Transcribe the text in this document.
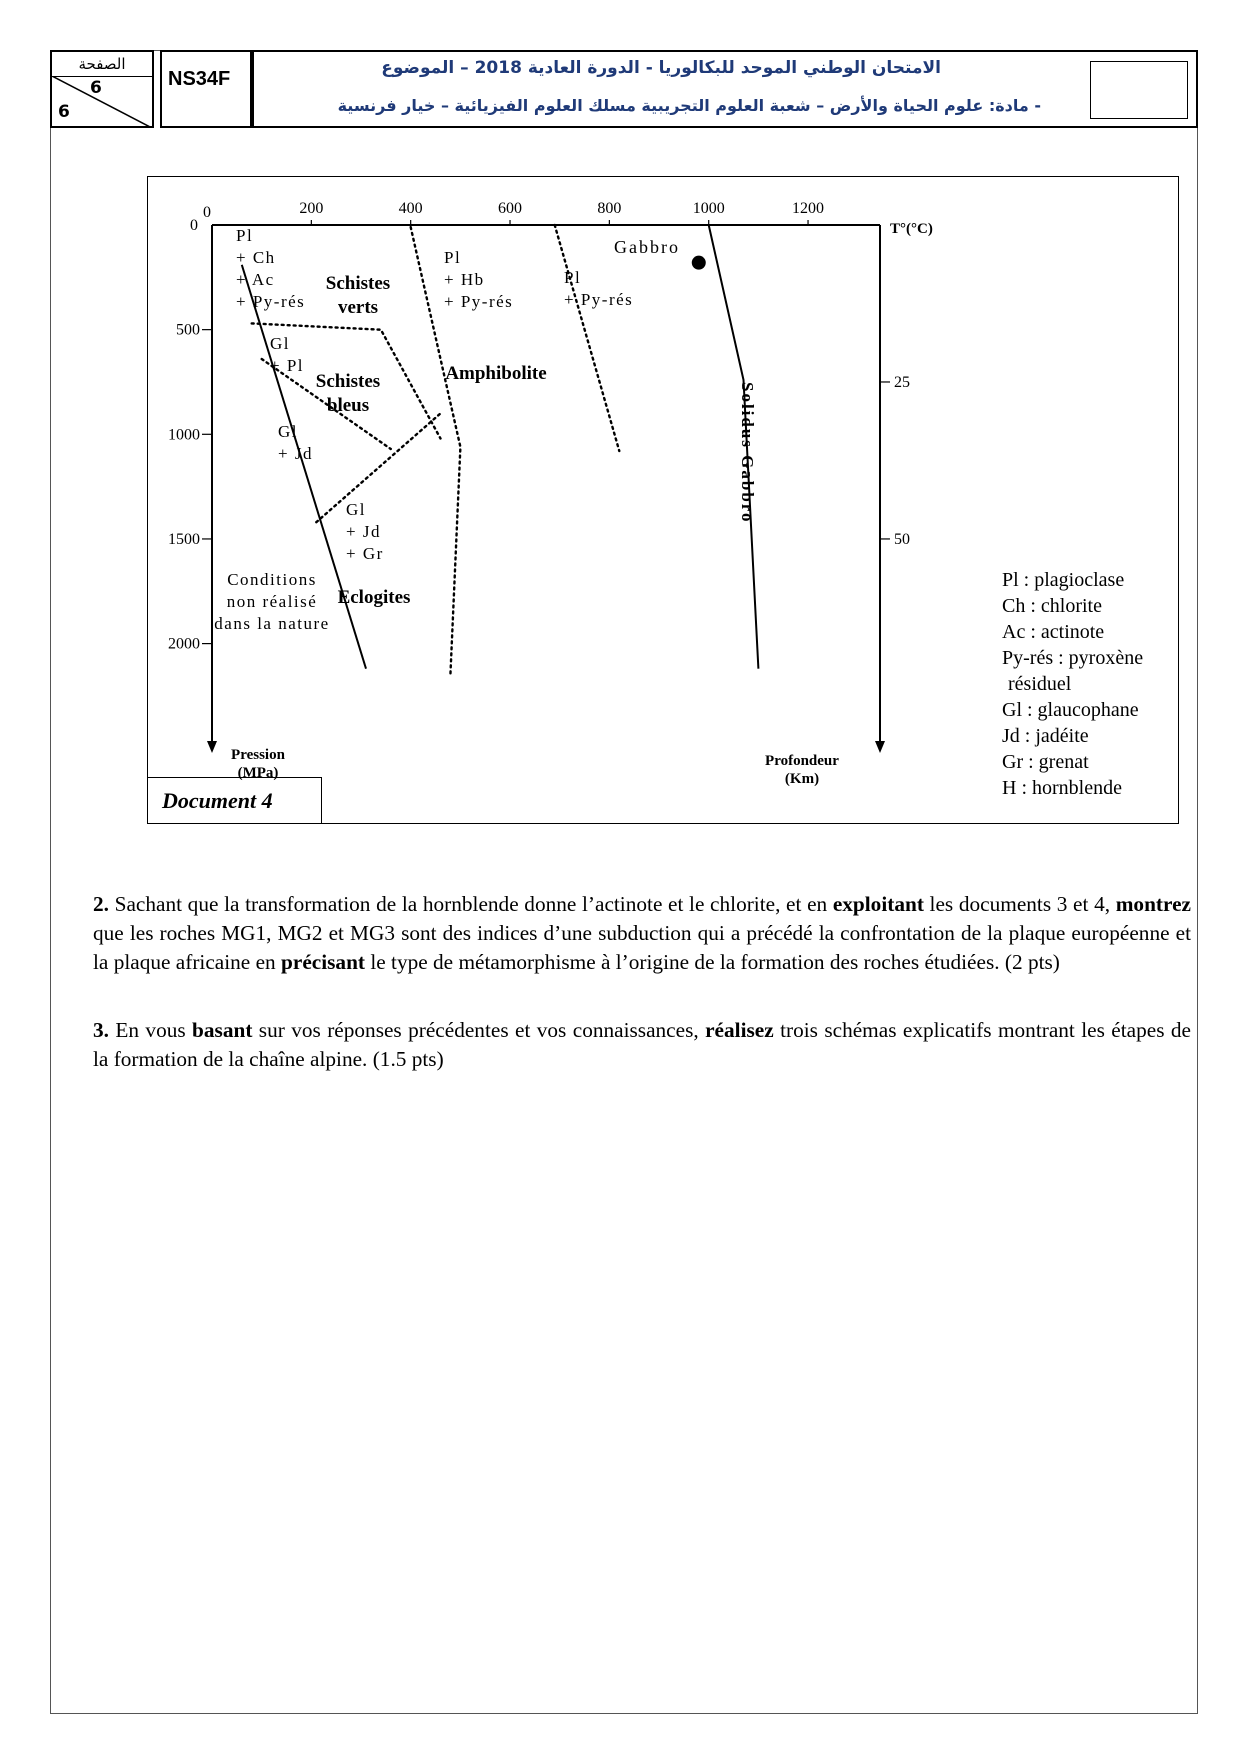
الصفحة
6
6
NS34F	الامتحان الوطني الموحد للبكالوريا - الدورة العادية 2018 – الموضوع
- مادة: علوم الحياة والأرض – شعبة العلوم التجريبية مسلك العلوم الفيزيائية – خيار فرنسية
0	200	400	600	800	1000	1200
0
500
1000
1500
2000
25
50
T°(°C)
Pression
(MPa)
Profondeur
(Km)
Gabbro
Solidus Gabbro
Pl
+ Ch
+ Ac
+ Py-rés
Pl
+ Hb
+ Py-rés
Pl
+ Py-rés
Gl
+ Pl
Gl
+ Jd
Gl
+ Jd
+ Gr
Conditions
non réalisé
dans la nature
Schistes
verts
Schistes
bleus
Amphibolite
Eclogites
Pl : plagioclase
Ch : chlorite
Ac : actinote
Py-rés : pyroxène
résiduel
Gl : glaucophane
Jd : jadéite
Gr : grenat
H : hornblende
Document 4
2. Sachant que la transformation de la hornblende donne l’actinote et le chlorite, et en exploitant les documents 3 et 4, montrez que les roches MG1, MG2 et MG3 sont des indices d’une subduction qui a précédé la confrontation de la plaque européenne et la plaque africaine en précisant le type de métamorphisme à l’origine de la formation des roches étudiées. (2 pts)
3. En vous basant sur vos réponses précédentes et vos connaissances, réalisez trois schémas explicatifs montrant les étapes de la formation de la chaîne alpine. (1.5 pts)
